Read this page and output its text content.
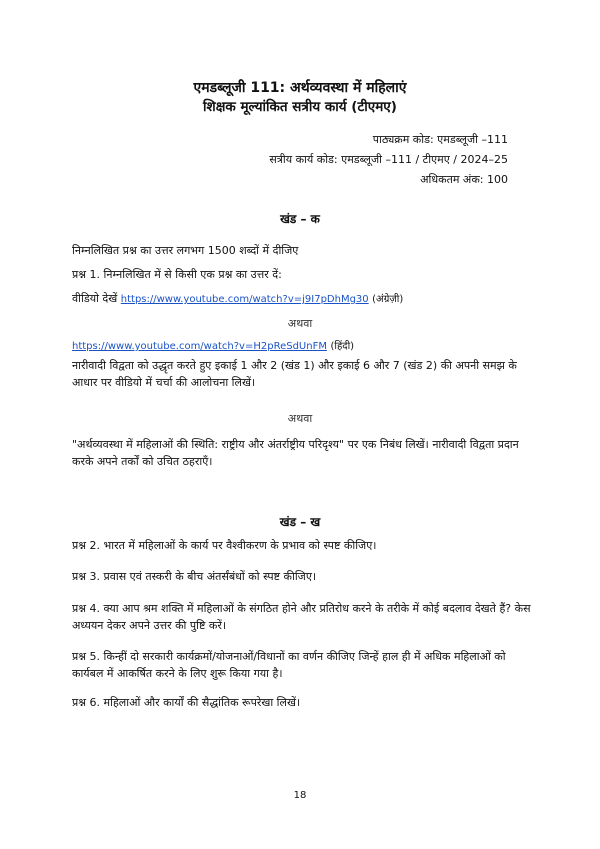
एमडब्लूजी 111: अर्थव्यवस्था में महिलाएं
शिक्षक मूल्यांकित सत्रीय कार्य (टीएमए)
पाठ्यक्रम कोड: एमडब्लूजी –111
सत्रीय कार्य कोड: एमडब्लूजी –111 / टीएमए / 2024–25
अधिकतम अंक: 100
खंड – क
निम्नलिखित प्रश्न का उत्तर लगभग 1500 शब्दों में दीजिए
प्रश्न 1. निम्नलिखित में से किसी एक प्रश्न का उत्तर दें:
वीडियो देखें https://www.youtube.com/watch?v=j9I7pDhMg30 (अंग्रेज़ी)
अथवा
https://www.youtube.com/watch?v=H2pReSdUnFM (हिंदी)
नारीवादी विद्वता को उद्धृत करते हुए इकाई 1 और 2 (खंड 1) और इकाई 6 और 7 (खंड 2) की अपनी समझ के आधार पर वीडियो में चर्चा की आलोचना लिखें।
अथवा
"अर्थव्यवस्था में महिलाओं की स्थिति: राष्ट्रीय और अंतर्राष्ट्रीय परिदृश्य" पर एक निबंध लिखें। नारीवादी विद्वता प्रदान करके अपने तर्कों को उचित ठहराएँ।
खंड – ख
प्रश्न 2. भारत में महिलाओं के कार्य पर वैश्वीकरण के प्रभाव को स्पष्ट कीजिए।
प्रश्न 3. प्रवास एवं तस्करी के बीच अंतर्संबंधों को स्पष्ट कीजिए।
प्रश्न 4. क्या आप श्रम शक्ति में महिलाओं के संगठित होने और प्रतिरोध करने के तरीके में कोई बदलाव देखते हैं? केस अध्ययन देकर अपने उत्तर की पुष्टि करें।
प्रश्न 5. किन्हीं दो सरकारी कार्यक्रमों/योजनाओं/विधानों का वर्णन कीजिए जिन्हें हाल ही में अधिक महिलाओं को कार्यबल में आकर्षित करने के लिए शुरू किया गया है।
प्रश्न 6. महिलाओं और कार्यों की सैद्धांतिक रूपरेखा लिखें।
18
